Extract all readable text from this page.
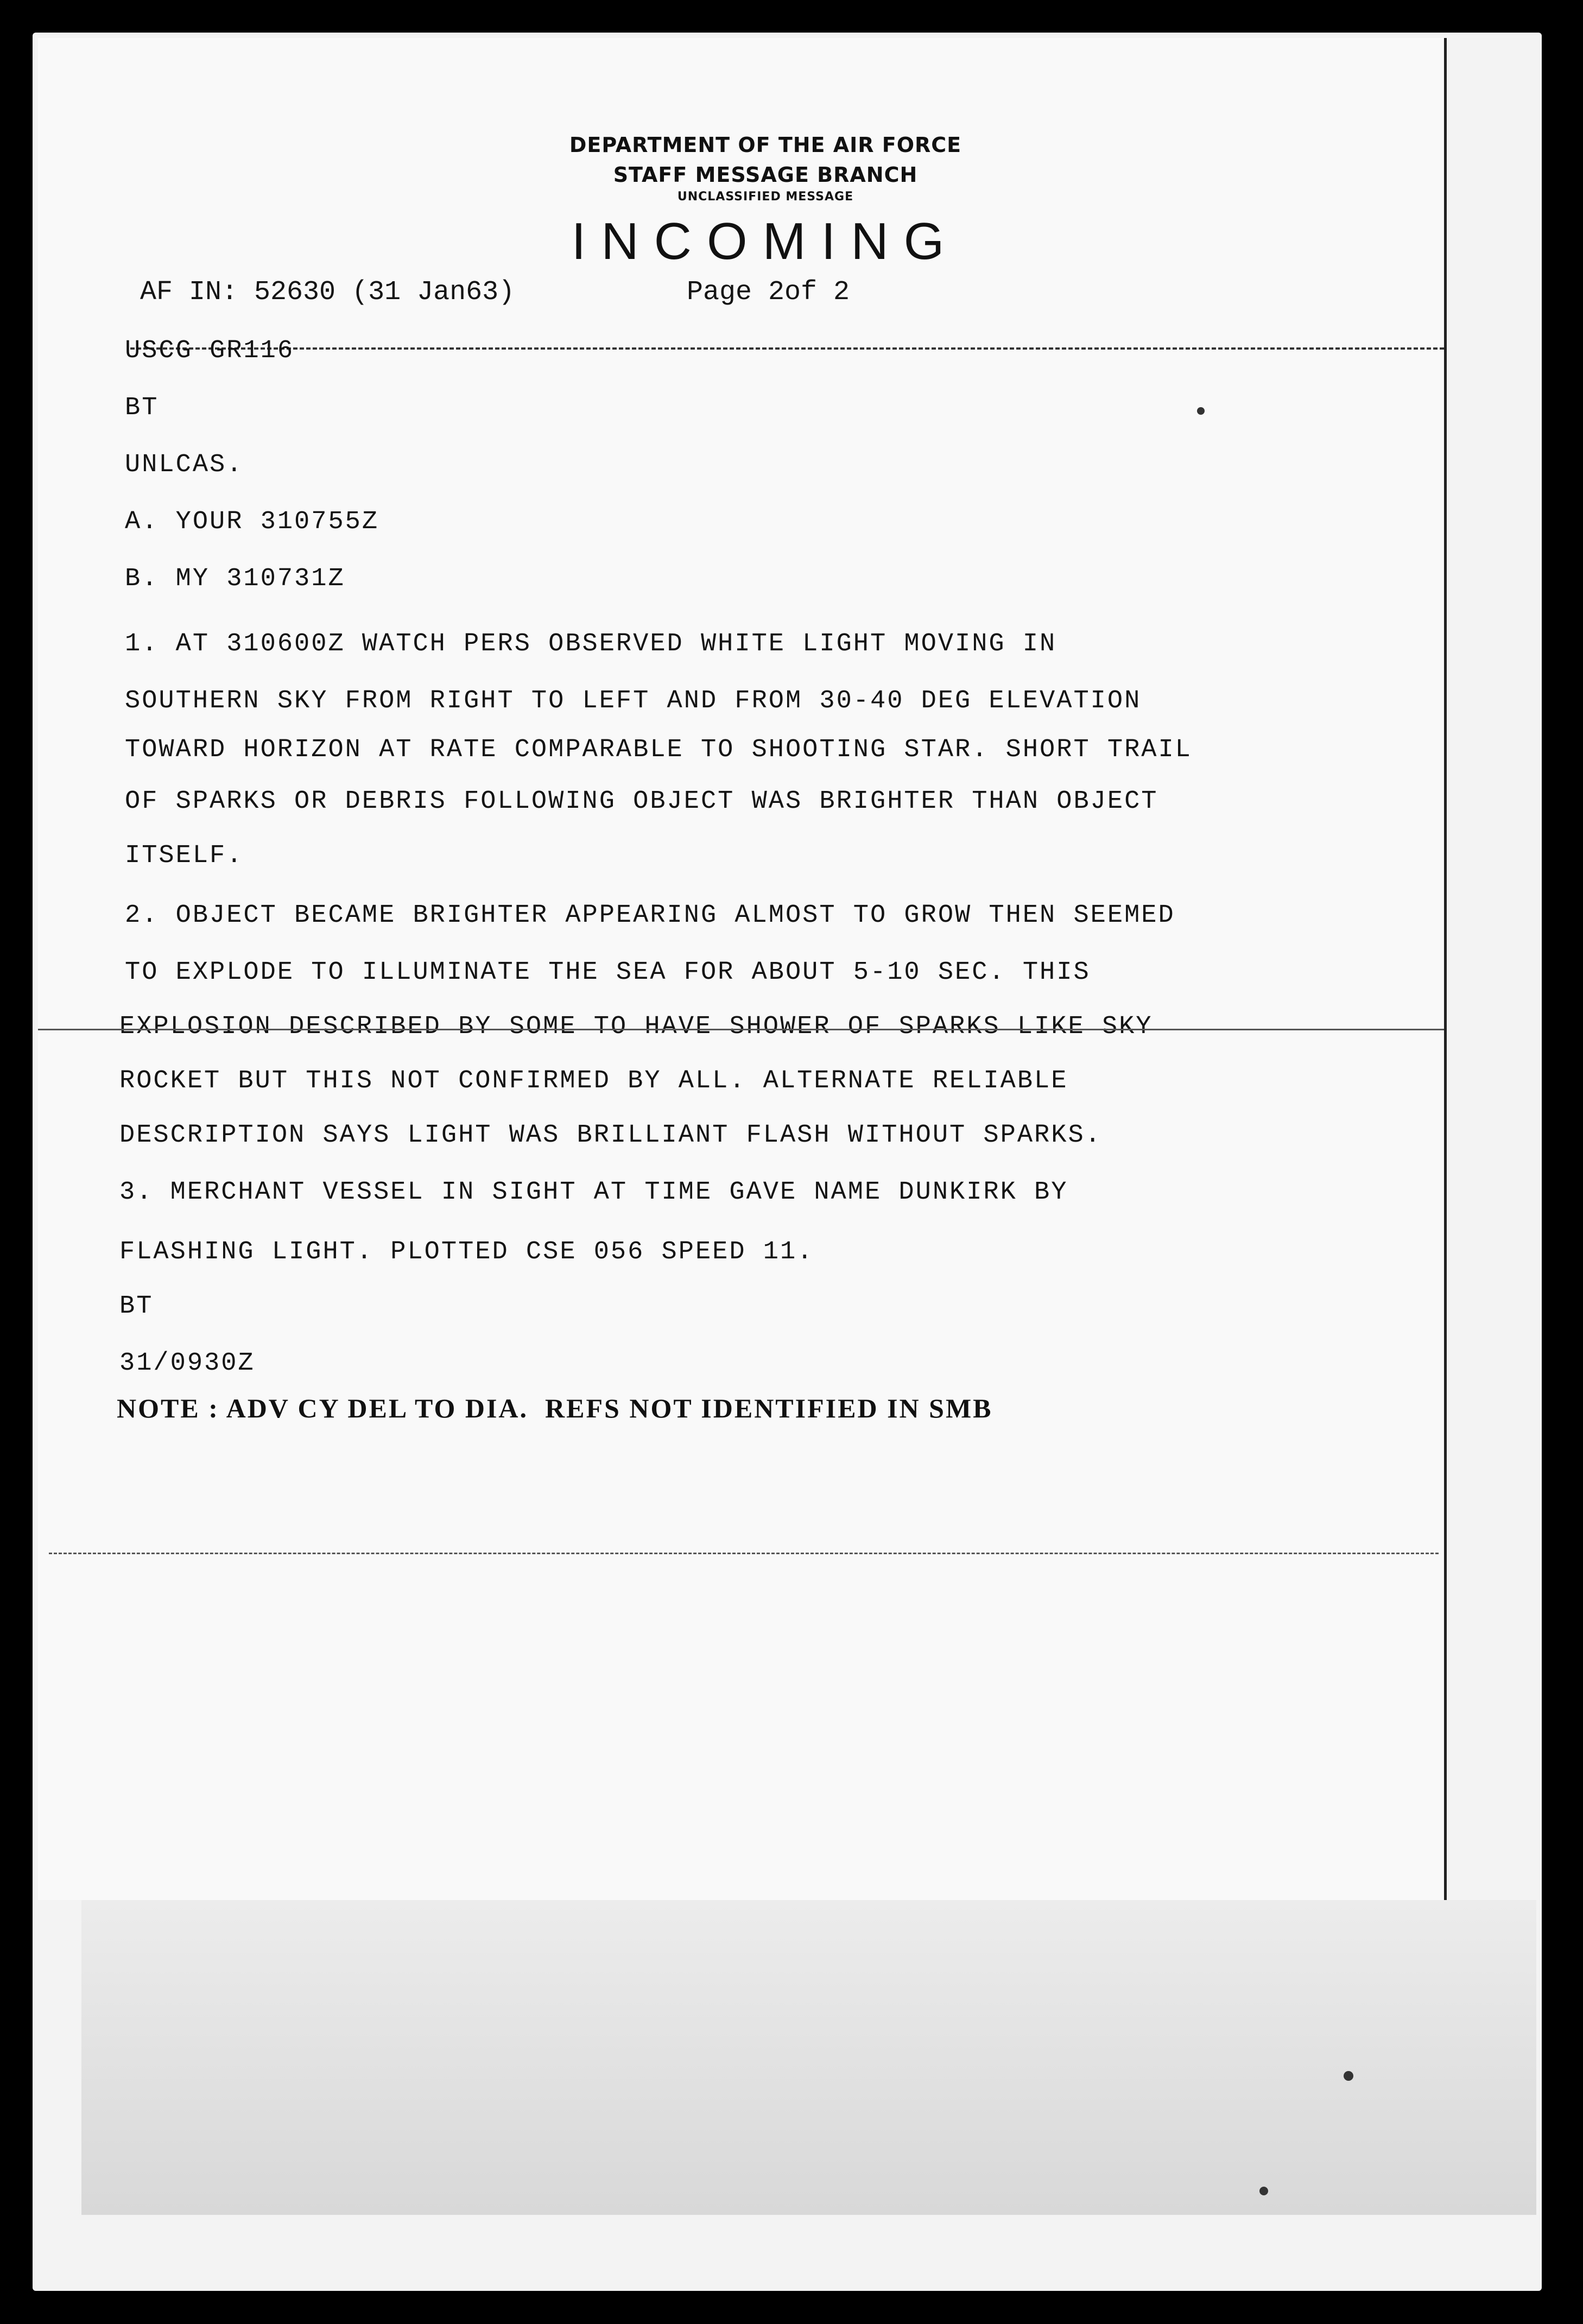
DEPARTMENT OF THE AIR FORCE
STAFF MESSAGE BRANCH
UNCLASSIFIED MESSAGE
INCOMING
AF IN: 52630 (31 Jan63)	Page 2of 2
USCG GR116
BT
UNLCAS.
A. YOUR 310755Z
B. MY 310731Z
1. AT 310600Z WATCH PERS OBSERVED WHITE LIGHT MOVING IN
SOUTHERN SKY FROM RIGHT TO LEFT AND FROM 30-40 DEG ELEVATION
TOWARD HORIZON AT RATE COMPARABLE TO SHOOTING STAR. SHORT TRAIL
OF SPARKS OR DEBRIS FOLLOWING OBJECT WAS BRIGHTER THAN OBJECT
ITSELF.
2. OBJECT BECAME BRIGHTER APPEARING ALMOST TO GROW THEN SEEMED
TO EXPLODE TO ILLUMINATE THE SEA FOR ABOUT 5-10 SEC. THIS
EXPLOSION DESCRIBED BY SOME TO HAVE SHOWER OF SPARKS LIKE SKY
ROCKET BUT THIS NOT CONFIRMED BY ALL. ALTERNATE RELIABLE
DESCRIPTION SAYS LIGHT WAS BRILLIANT FLASH WITHOUT SPARKS.
3. MERCHANT VESSEL IN SIGHT AT TIME GAVE NAME DUNKIRK BY
FLASHING LIGHT. PLOTTED CSE 056 SPEED 11.
BT
31/0930Z
NOTE : ADV CY DEL TO DIA.  REFS NOT IDENTIFIED IN SMB
